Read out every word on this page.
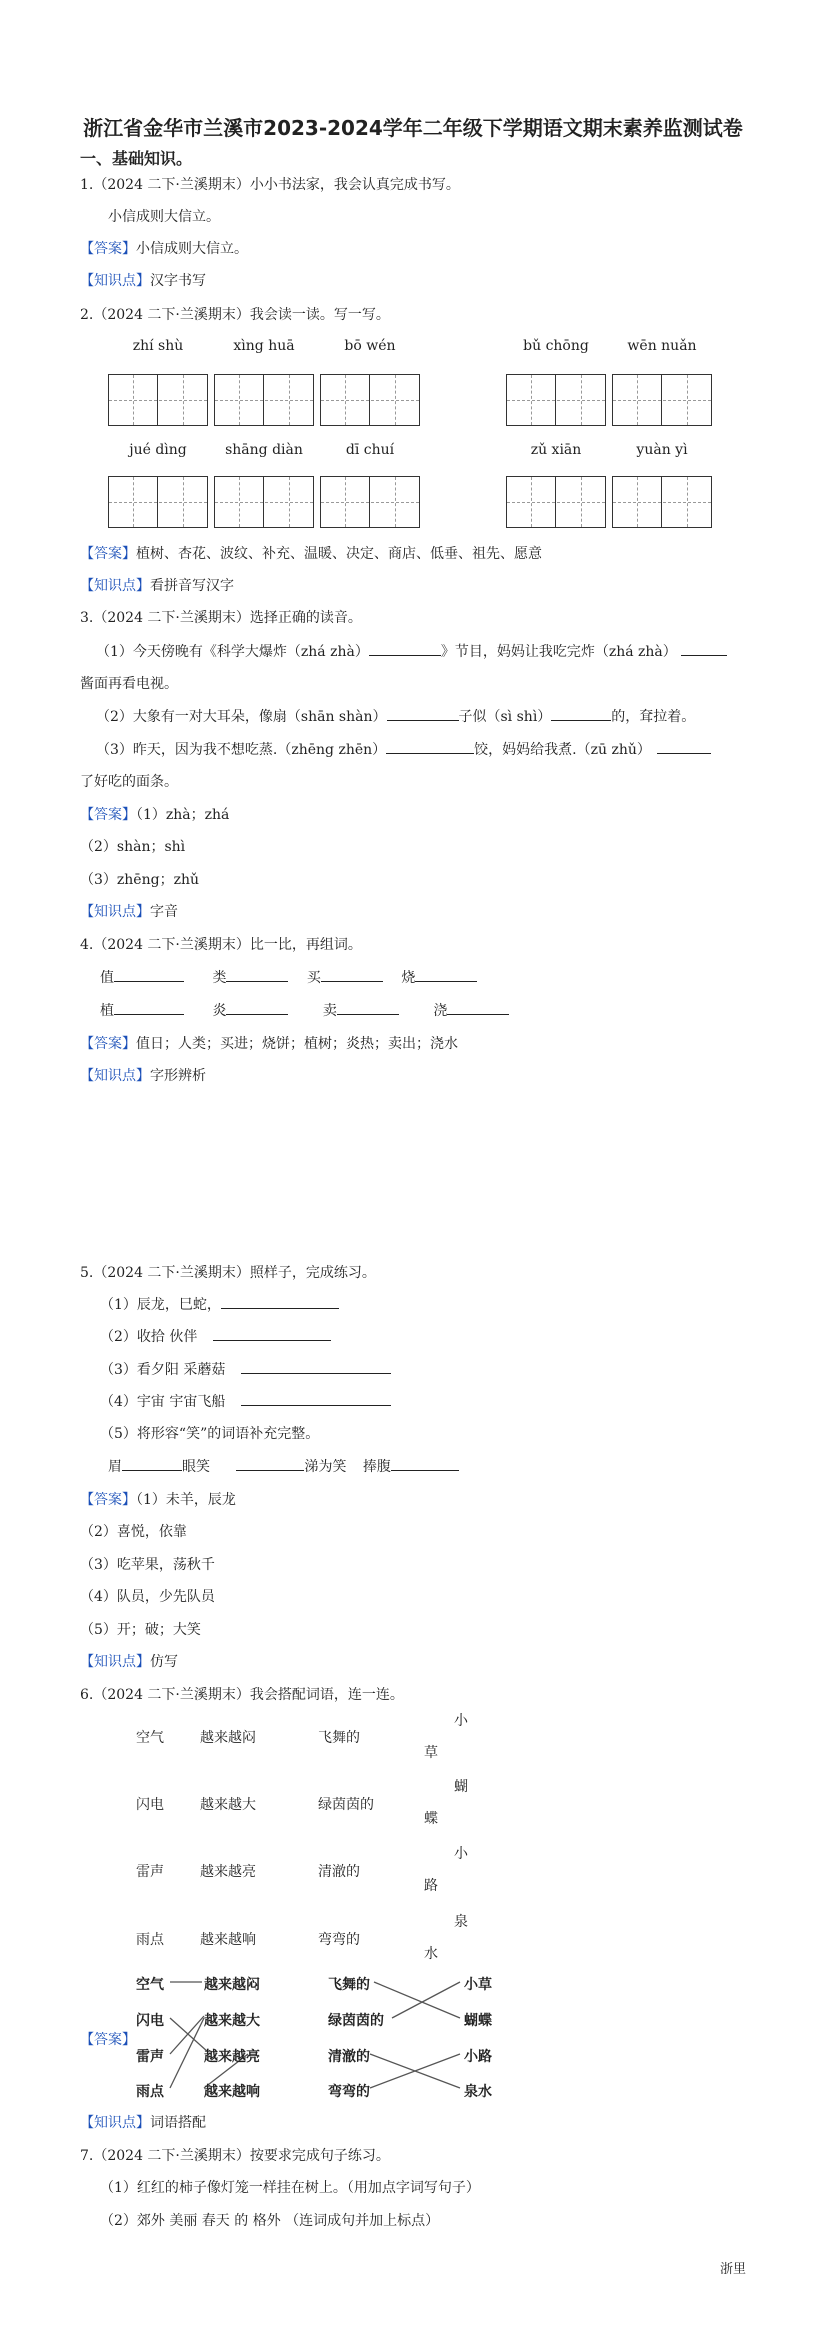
浙江省金华市兰溪市2023-2024学年二年级下学期语文期末素养监测试卷
一、基础知识。
1.（2024 二下·兰溪期末）小小书法家，我会认真完成书写。
小信成则大信立。
【答案】小信成则大信立。
【知识点】汉字书写
2.（2024 二下·兰溪期末）我会读一读。写一写。
zhí shù	xìng huā	bō wén	bǔ chōng	wēn nuǎn
jué dìng	shāng diàn	dī chuí	zǔ xiān	yuàn yì
【答案】植树、杏花、波纹、补充、温暖、决定、商店、低垂、祖先、愿意
【知识点】看拼音写汉字
3.（2024 二下·兰溪期末）选择正确的读音。
（1）今天傍晚有《科学大爆炸（zhá zhà）	》节目，妈妈让我吃完炸（zhá zhà）
酱面再看电视。
（2）大象有一对大耳朵，像扇（shān shàn）	子似（sì shì）	的，耷拉着。
（3）昨天，因为我不想吃蒸.（zhēng zhēn）	饺，妈妈给我煮.（zū zhǔ）
了好吃的面条。
【答案】（1）zhà；zhá
（2）shàn；shì
（3）zhēng；zhǔ
【知识点】字音
4.（2024 二下·兰溪期末）比一比，再组词。
值	类	买	烧
植	炎	卖	浇
【答案】值日；人类；买进；烧饼；植树；炎热；卖出；浇水
【知识点】字形辨析
5.（2024 二下·兰溪期末）照样子，完成练习。
（1）辰龙，巳蛇，
（2）收拾 伙伴
（3）看夕阳 采蘑菇
（4）宇宙 宇宙飞船
（5）将形容“笑”的词语补充完整。
眉	眼笑	涕为笑 捧腹
【答案】（1）未羊，辰龙
（2）喜悦，依靠
（3）吃苹果，荡秋千
（4）队员，少先队员
（5）开；破；大笑
【知识点】仿写
6.（2024 二下·兰溪期末）我会搭配词语，连一连。
空气
闪电
雷声
雨点
越来越闷
越来越大
越来越亮
越来越响
飞舞的
绿茵茵的
清澈的
弯弯的
小
草
蝴
蝶
小
路
泉
水
【答案】
空气
闪电
雷声
雨点
越来越闷
越来越大
越来越亮
越来越响
飞舞的
绿茵茵的
清澈的
弯弯的
小草
蝴蝶
小路
泉水
【知识点】词语搭配
7.（2024 二下·兰溪期末）按要求完成句子练习。
（1）红红的柿子像灯笼一样挂在树上。（用加点字词写句子）
（2）郊外 美丽 春天 的 格外 （连词成句并加上标点）
浙里
